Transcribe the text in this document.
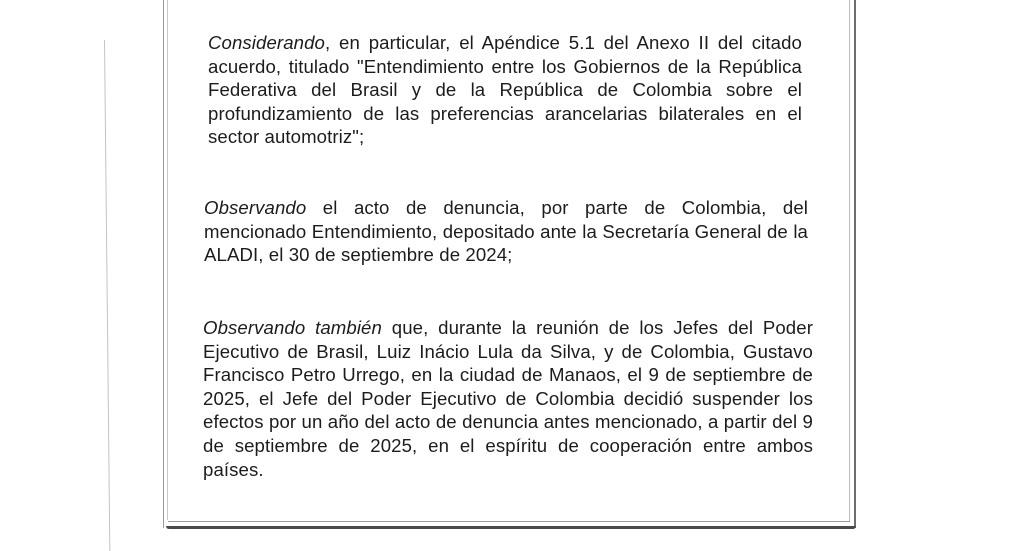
Considerando, en particular, el Apéndice 5.1 del Anexo II del citado acuerdo, titulado "Entendimiento entre los Gobiernos de la República Federativa del Brasil y de la República de Colombia sobre el profundizamiento de las preferencias arancelarias bilaterales en el sector automotriz";

Observando el acto de denuncia, por parte de Colombia, del mencionado Entendimiento, depositado ante la Secretaría General de la ALADI, el 30 de septiembre de 2024;

Observando también que, durante la reunión de los Jefes del Poder Ejecutivo de Brasil, Luiz Inácio Lula da Silva, y de Colombia, Gustavo Francisco Petro Urrego, en la ciudad de Manaos, el 9 de septiembre de 2025, el Jefe del Poder Ejecutivo de Colombia decidió suspender los efectos por un año del acto de denuncia antes mencionado, a partir del 9 de septiembre de 2025, en el espíritu de cooperación entre ambos países.
